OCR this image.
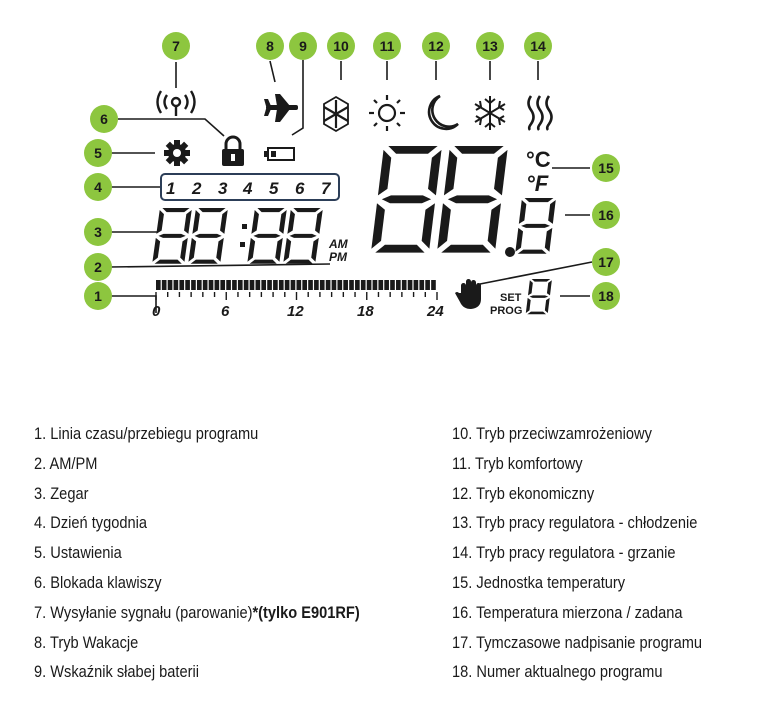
1 2 3 4 5 6 7
AM
PM
°C
°F
0	6	12	18	24
SET
PROG
1
2
3
4
5
6
7	8 9 10 11 12	13 14
15
16
17
18
1. Linia czasu/przebiegu programu
2. AM/PM
3. Zegar
4. Dzień tygodnia
5. Ustawienia
6. Blokada klawiszy
7. Wysyłanie sygnału (parowanie)*(tylko E901RF)
8. Tryb Wakacje
9. Wskaźnik słabej baterii
10. Tryb przeciwzamrożeniowy
11. Tryb komfortowy
12. Tryb ekonomiczny
13. Tryb pracy regulatora - chłodzenie
14. Tryb pracy regulatora - grzanie
15. Jednostka temperatury
16. Temperatura mierzona / zadana
17. Tymczasowe nadpisanie programu
18. Numer aktualnego programu
